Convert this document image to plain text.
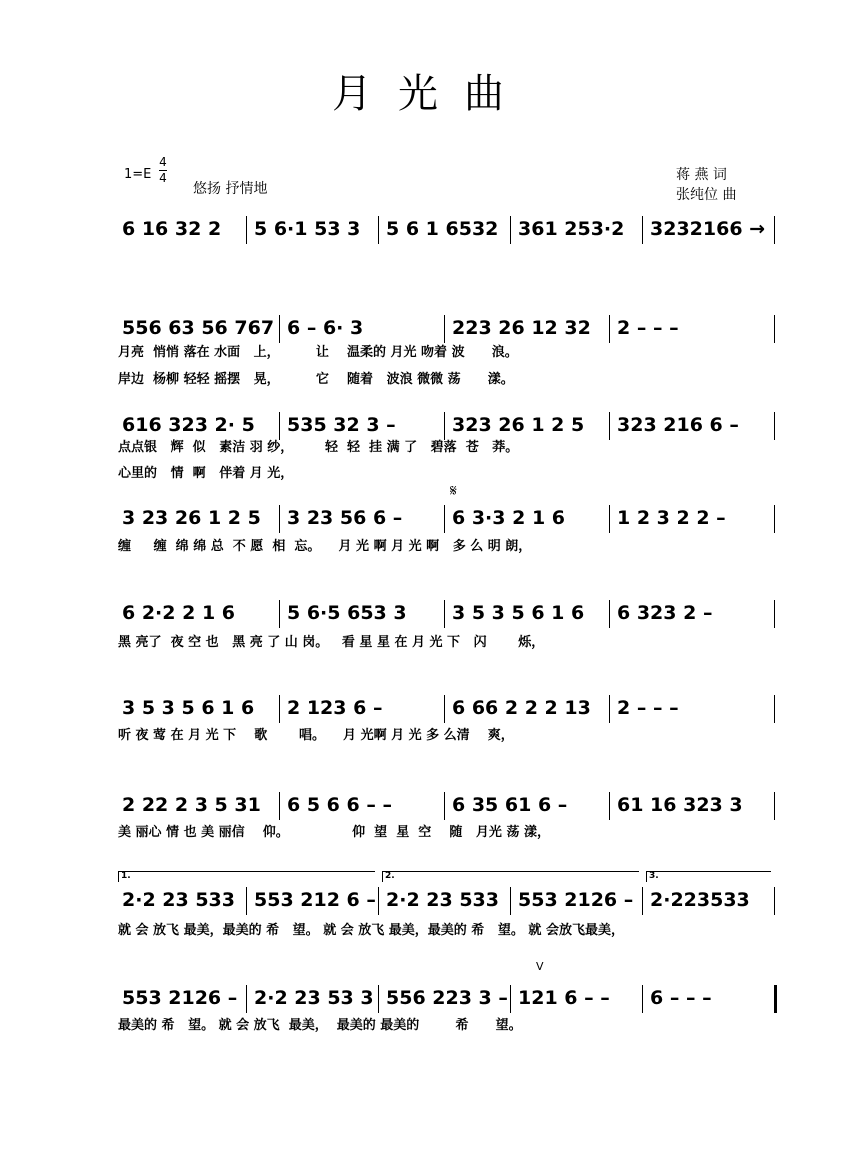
月光曲
1=E
4
4
悠扬 抒情地
蒋 燕 词
张纯位 曲
6 16 32 2 5 6·1 53 3 5 6 1 6532 361 253·2 3232166 →
556 63 56 767 6 – 6· 3	223 26 12 32 2 – – –
月亮  悄悄 落在 水面   上，        让    温柔的 月光 吻着 波      浪。
岸边  杨柳 轻轻 摇摆   晃，        它    随着   波浪 微微 荡      漾。
616 323 2· 5 535 32 3 –	323 26 1 2 5 323 216 6 –
点点银   辉  似   素洁 羽 纱，       轻  轻  挂 满 了   碧落  苍   莽。
心里的   情  啊   伴着 月 光，
3 23 26 1 2 5 3 23 56 6 –	6 3·3 2 1 6	1 2 3 2 2 –
缠     缠  绵 绵 总  不 愿  相  忘。    月 光 啊 月 光 啊   多 么 明 朗，
6 2·2 2 1 6	5 6·5 653 3 3 5 3 5 6 1 6 6 323 2 –
黑 亮了  夜 空 也   黑 亮 了 山 岗。   看 星 星 在 月 光 下   闪       烁，
3 5 3 5 6 1 6 2 123 6 –	6 66 2 2 2 13 2 – – –
听 夜 莺 在 月 光 下    歌       唱。    月 光啊 月 光 多 么清    爽，
2 22 2 3 5 31 6 5 6 6 – –	6 35 61 6 –	61 16 323 3
美 丽心 情 也 美 丽信    仰。              仰  望  星  空    随   月光 荡 漾，
2·2 23 533
1.
553 212 6 – 2·2 23 533
2.
553 2126 – 2·223533
3.
就 会 放飞 最美，最美的 希   望。 就 会 放飞 最美，最美的 希   望。 就 会放飞最美，
553 2126 – 2·2 23 53 3 556 223 3 – 121 6 – – 6 – – –
最美的 希   望。 就 会 放飞  最美，  最美的 最美的        希      望。
𝄋
V
